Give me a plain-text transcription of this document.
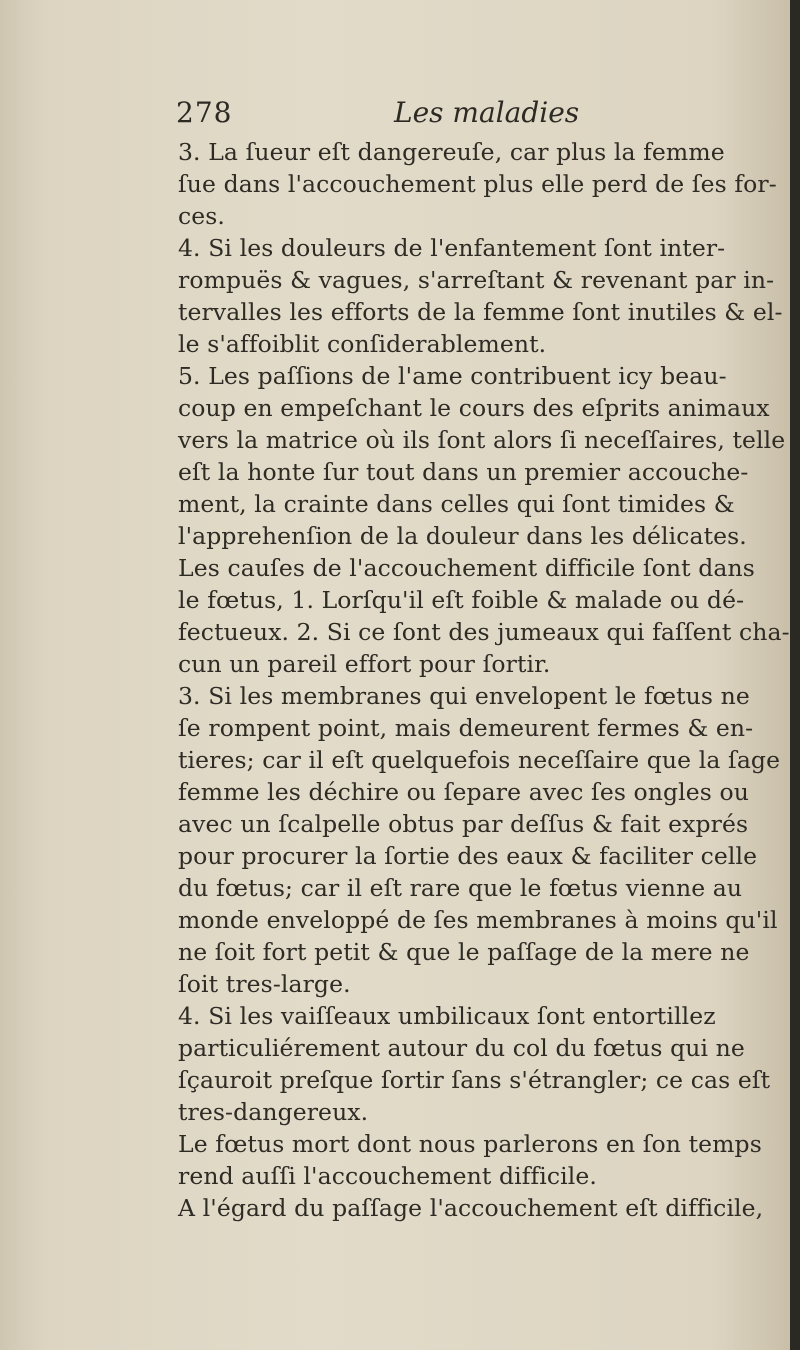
278	Les maladies
3. La ſueur eſt dangereuſe, car plus la femme
ſue dans l'accouchement plus elle perd de ſes for-
ces.
4. Si les douleurs de l'enfantement ſont inter-
rompuës & vagues, s'arreſtant & revenant par in-
tervalles les efforts de la femme ſont inutiles & el-
le s'affoiblit conſiderablement.
5. Les paſſions de l'ame contribuent icy beau-
coup en empeſchant le cours des eſprits animaux
vers la matrice où ils ſont alors ſi neceſſaires, telle
eſt la honte ſur tout dans un premier accouche-
ment, la crainte dans celles qui ſont timides &
l'apprehenſion de la douleur dans les délicates.
Les cauſes de l'accouchement difficile ſont dans
le fœtus, 1. Lorſqu'il eſt foible & malade ou dé-
fectueux. 2. Si ce ſont des jumeaux qui faſſent cha-
cun un pareil effort pour ſortir.
3. Si les membranes qui envelopent le fœtus ne
ſe rompent point, mais demeurent fermes & en-
tieres; car il eſt quelquefois neceſſaire que la ſage
femme les déchire ou ſepare avec ſes ongles ou
avec un ſcalpelle obtus par deſſus & fait exprés
pour procurer la ſortie des eaux & faciliter celle
du fœtus; car il eſt rare que le fœtus vienne au
monde enveloppé de ſes membranes à moins qu'il
ne ſoit fort petit & que le paſſage de la mere ne
ſoit tres-large.
4. Si les vaiſſeaux umbilicaux ſont entortillez
particuliérement autour du col du fœtus qui ne
ſçauroit preſque ſortir ſans s'étrangler; ce cas eſt
tres-dangereux.
Le fœtus mort dont nous parlerons en ſon temps
rend auſſi l'accouchement difficile.
A l'égard du paſſage l'accouchement eſt difficile,
